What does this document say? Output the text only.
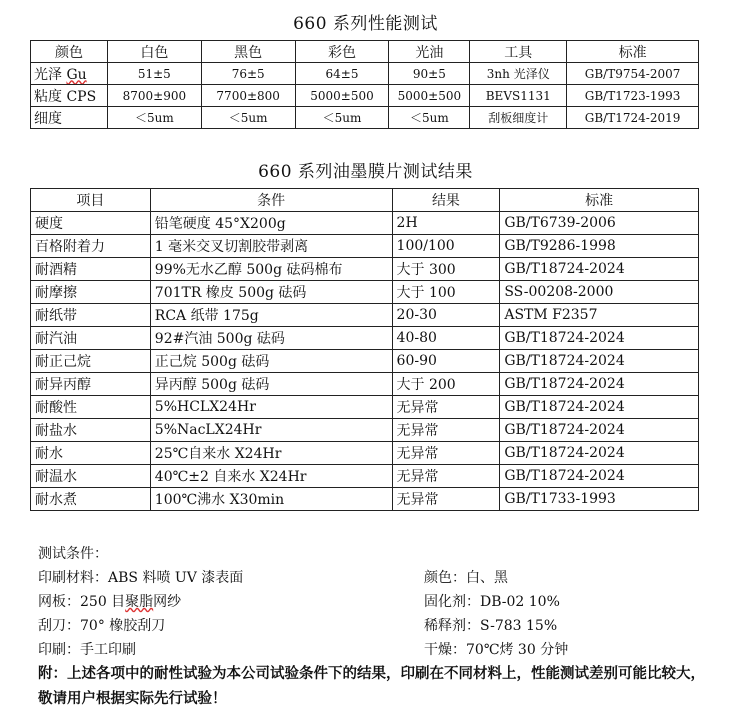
660 系列性能测试
颜色	白色	黑色	彩色	光油	工具	标准
光泽 Gu	51±5	76±5	64±5	90±5	3nh 光泽仪	GB/T9754-2007
粘度 CPS	8700±900	7700±800	5000±500	5000±500	BEVS1131	GB/T1723-1993
细度	＜5um	＜5um	＜5um	＜5um	刮板细度计	GB/T1724-2019
660 系列油墨膜片测试结果
项目	条件	结果	标准
硬度	铅笔硬度 45°X200g	2H	GB/T6739-2006
百格附着力	1 毫米交叉切割胶带剥离	100/100	GB/T9286-1998
耐酒精	99%无水乙醇 500g 砝码棉布	大于 300	GB/T18724-2024
耐摩擦	701TR 橡皮 500g 砝码	大于 100	SS-00208-2000
耐纸带	RCA 纸带 175g	20-30	ASTM F2357
耐汽油	92#汽油 500g 砝码	40-80	GB/T18724-2024
耐正己烷	正己烷 500g 砝码	60-90	GB/T18724-2024
耐异丙醇	异丙醇 500g 砝码	大于 200	GB/T18724-2024
耐酸性	5%HCLX24Hr	无异常	GB/T18724-2024
耐盐水	5%NacLX24Hr	无异常	GB/T18724-2024
耐水	25℃自来水 X24Hr	无异常	GB/T18724-2024
耐温水	40℃±2 自来水 X24Hr	无异常	GB/T18724-2024
耐水煮	100℃沸水 X30min	无异常	GB/T1733-1993
测试条件：
印刷材料：ABS 料喷 UV 漆表面
网板：250 目聚脂网纱
刮刀：70° 橡胶刮刀
印刷：手工印刷
颜色：白、黑
固化剂：DB-02 10%
稀释剂：S-783 15%
干燥：70℃烤 30 分钟
附：上述各项中的耐性试验为本公司试验条件下的结果，印刷在不同材料上，性能测试差别可能比较大，敬请用户根据实际先行试验！
